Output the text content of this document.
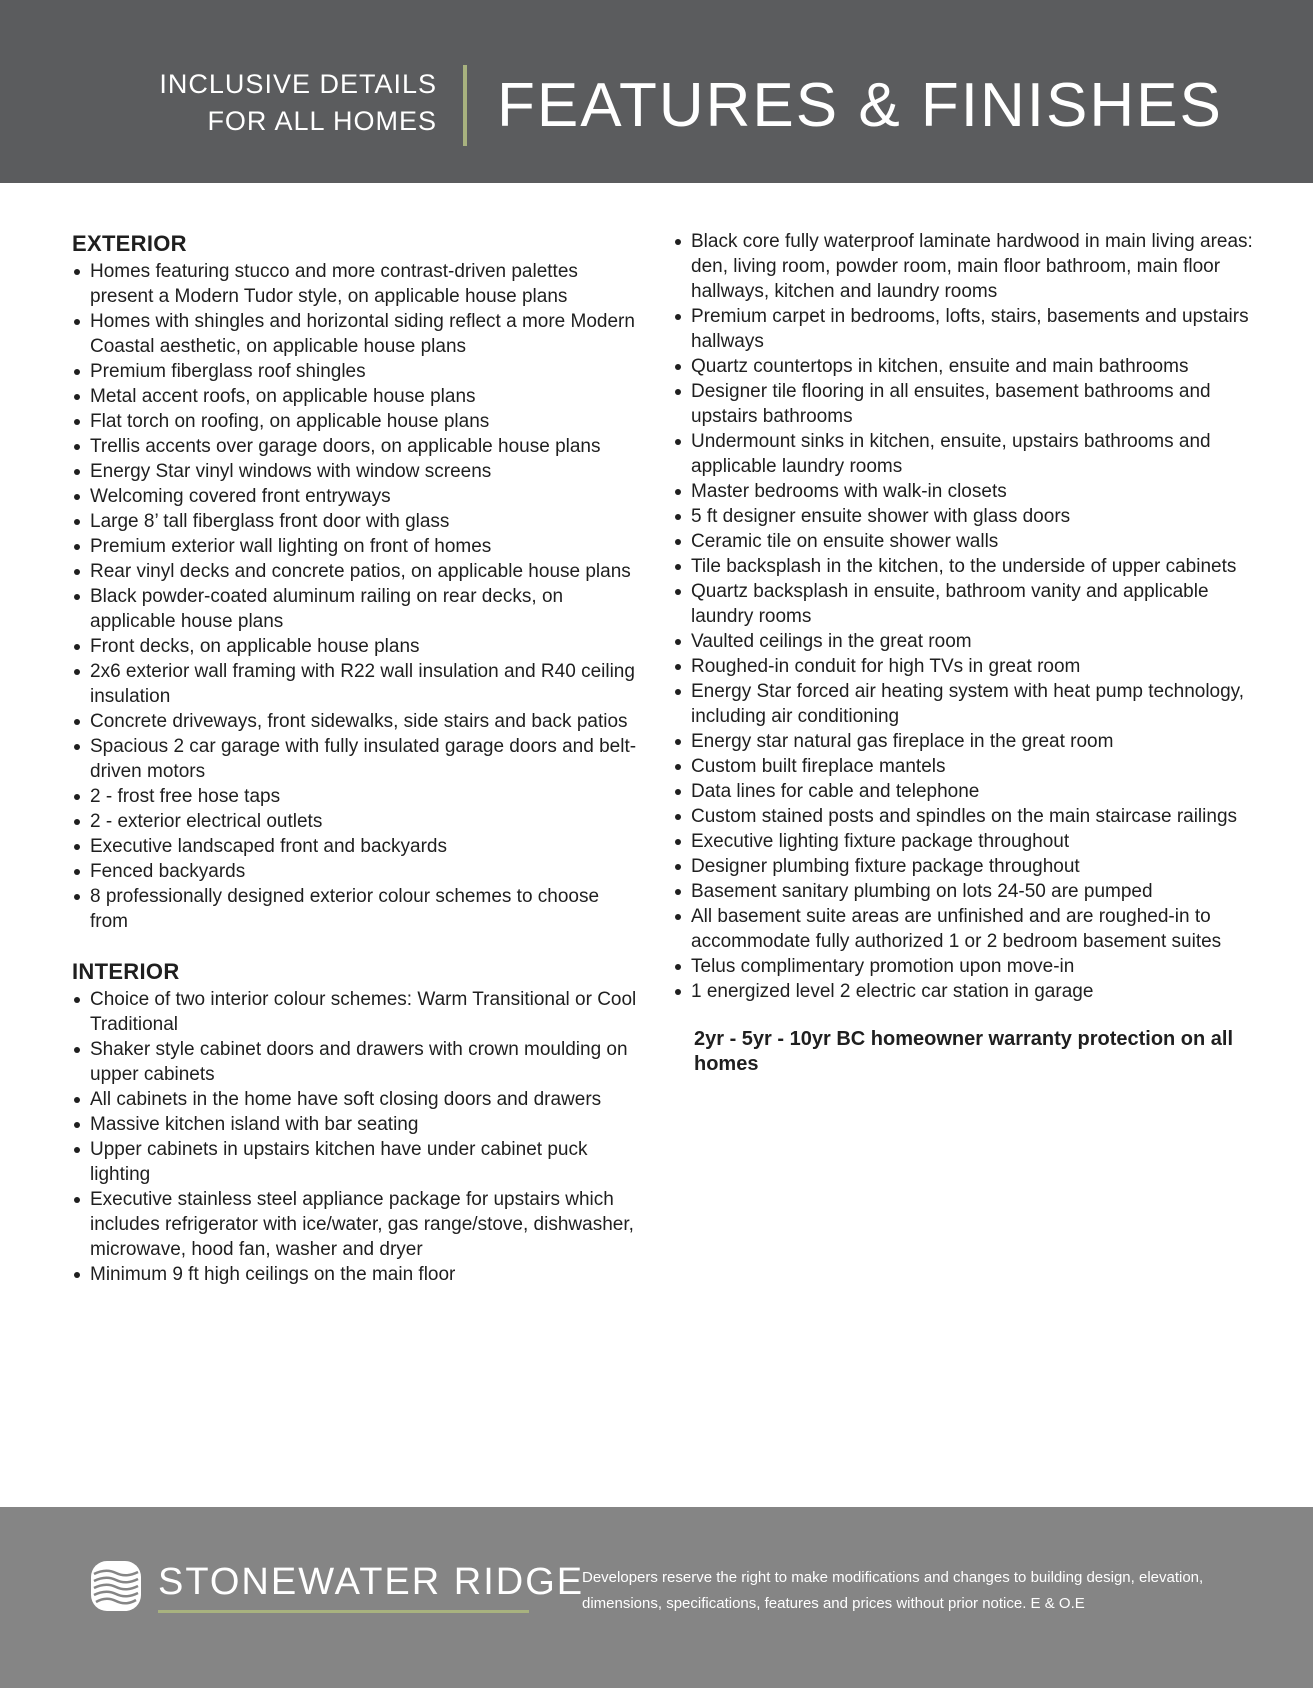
INCLUSIVE DETAILS
FOR ALL HOMES FEATURES & FINISHES
EXTERIOR
Homes featuring stucco and more contrast-driven palettes present a Modern Tudor style, on applicable house plans
Homes with shingles and horizontal siding reflect a more Modern Coastal aesthetic, on applicable house plans
Premium fiberglass roof shingles
Metal accent roofs, on applicable house plans
Flat torch on roofing, on applicable house plans
Trellis accents over garage doors, on applicable house plans
Energy Star vinyl windows with window screens
Welcoming covered front entryways
Large 8’ tall fiberglass front door with glass
Premium exterior wall lighting on front of homes
Rear vinyl decks and concrete patios, on applicable house plans
Black powder-coated aluminum railing on rear decks, on applicable house plans
Front decks, on applicable house plans
2x6 exterior wall framing with R22 wall insulation and R40 ceiling insulation
Concrete driveways, front sidewalks, side stairs and back patios
Spacious 2 car garage with fully insulated garage doors and belt-driven motors
2 - frost free hose taps
2 - exterior electrical outlets
Executive landscaped front and backyards
Fenced backyards
8 professionally designed exterior colour schemes to choose from
INTERIOR
Choice of two interior colour schemes: Warm Transitional or Cool Traditional
Shaker style cabinet doors and drawers with crown moulding on upper cabinets
All cabinets in the home have soft closing doors and drawers
Massive kitchen island with bar seating
Upper cabinets in upstairs kitchen have under cabinet puck lighting
Executive stainless steel appliance package for upstairs which includes refrigerator with ice/water, gas range/stove, dishwasher, microwave, hood fan, washer and dryer
Minimum 9 ft high ceilings on the main floor
Black core fully waterproof laminate hardwood in main living areas: den, living room, powder room, main floor bathroom, main floor hallways, kitchen and laundry rooms
Premium carpet in bedrooms, lofts, stairs, basements and upstairs hallways
Quartz countertops in kitchen, ensuite and main bathrooms
Designer tile flooring in all ensuites, basement bathrooms and upstairs bathrooms
Undermount sinks in kitchen, ensuite, upstairs bathrooms and applicable laundry rooms
Master bedrooms with walk-in closets
5 ft designer ensuite shower with glass doors
Ceramic tile on ensuite shower walls
Tile backsplash in the kitchen, to the underside of upper cabinets
Quartz backsplash in ensuite, bathroom vanity and applicable laundry rooms
Vaulted ceilings in the great room
Roughed-in conduit for high TVs in great room
Energy Star forced air heating system with heat pump technology, including air conditioning
Energy star natural gas fireplace in the great room
Custom built fireplace mantels
Data lines for cable and telephone
Custom stained posts and spindles on the main staircase railings
Executive lighting fixture package throughout
Designer plumbing fixture package throughout
Basement sanitary plumbing on lots 24-50 are pumped
All basement suite areas are unfinished and are roughed-in to accommodate fully authorized 1 or 2 bedroom basement suites
Telus complimentary promotion upon move-in
1 energized level 2 electric car station in garage
2yr - 5yr - 10yr BC homeowner warranty protection on all homes
STONEWATER RIDGE
Developers reserve the right to make modifications and changes to building design, elevation, dimensions, specifications, features and prices without prior notice. E & O.E
